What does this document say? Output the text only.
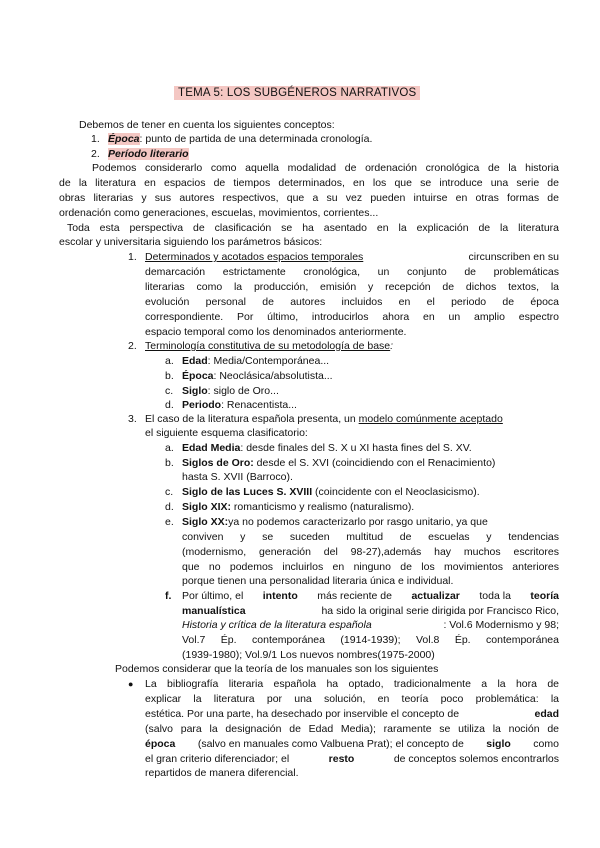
TEMA 5: LOS SUBGÉNEROS NARRATIVOS
Debemos de tener en cuenta los siguientes conceptos:
1. Época: punto de partida de una determinada cronología.
2. Período literario
Podemos considerarlo como aquella modalidad de ordenación cronológica de la historia
de la literatura en espacios de tiempos determinados, en los que se introduce una serie de
obras literarias y sus autores respectivos, que a su vez pueden intuirse en otras formas de
ordenación como generaciones, escuelas, movimientos, corrientes...
Toda esta perspectiva de clasificación se ha asentado en la explicación de la literatura
escolar y universitaria siguiendo los parámetros básicos:
1. Determinados y acotados espacios temporales	circunscriben en su
demarcación estrictamente cronológica, un conjunto de problemáticas
literarias como la producción, emisión y recepción de dichos textos, la
evolución personal de autores incluidos en el periodo de época
correspondiente. Por último, introducirlos ahora en un amplio espectro
espacio temporal como los denominados anteriormente.
2. Terminología constitutiva de su metodología de base:
a. Edad: Media/Contemporánea...
b. Época: Neoclásica/absolutista...
c. Siglo: siglo de Oro...
d. Periodo: Renacentista...
3. El caso de la literatura española presenta, un modelo comúnmente aceptado
el siguiente esquema clasificatorio:
a. Edad Media: desde finales del S. X u XI hasta fines del S. XV.
b. Siglos de Oro: desde el S. XVI (coincidiendo con el Renacimiento)
hasta S. XVII (Barroco).
c. Siglo de las Luces S. XVIII (coincidente con el Neoclasicismo).
d. Siglo XIX: romanticismo y realismo (naturalismo).
e. Siglo XX: ya no podemos caracterizarlo por rasgo unitario, ya que
conviven y se suceden multitud de escuelas y tendencias
(modernismo, generación del 98-27),además hay muchos escritores
que no podemos incluirlos en ninguno de los movimientos anteriores
porque tienen una personalidad literaria única e individual.
f. Por último, el intento más reciente de actualizar toda la teoría
manualística	ha sido la original serie dirigida por Francisco Rico,
Historia y crítica de la literatura española	: Vol.6 Modernismo y 98;
Vol.7 Ép. contemporánea (1914-1939); Vol.8 Ép. contemporánea
(1939-1980); Vol.9/1 Los nuevos nombres(1975-2000)
Podemos considerar que la teoría de los manuales son los siguientes
● La bibliografía literaria española ha optado, tradicionalmente a la hora de
explicar la literatura por una solución, en teoría poco problemática: la
estética. Por una parte, ha desechado por inservible el concepto de	edad
(salvo para la designación de Edad Media); raramente se utiliza la noción de
época (salvo en manuales como Valbuena Prat); el concepto de siglo como
el gran criterio diferenciador; el	resto	de conceptos solemos encontrarlos
repartidos de manera diferencial.
